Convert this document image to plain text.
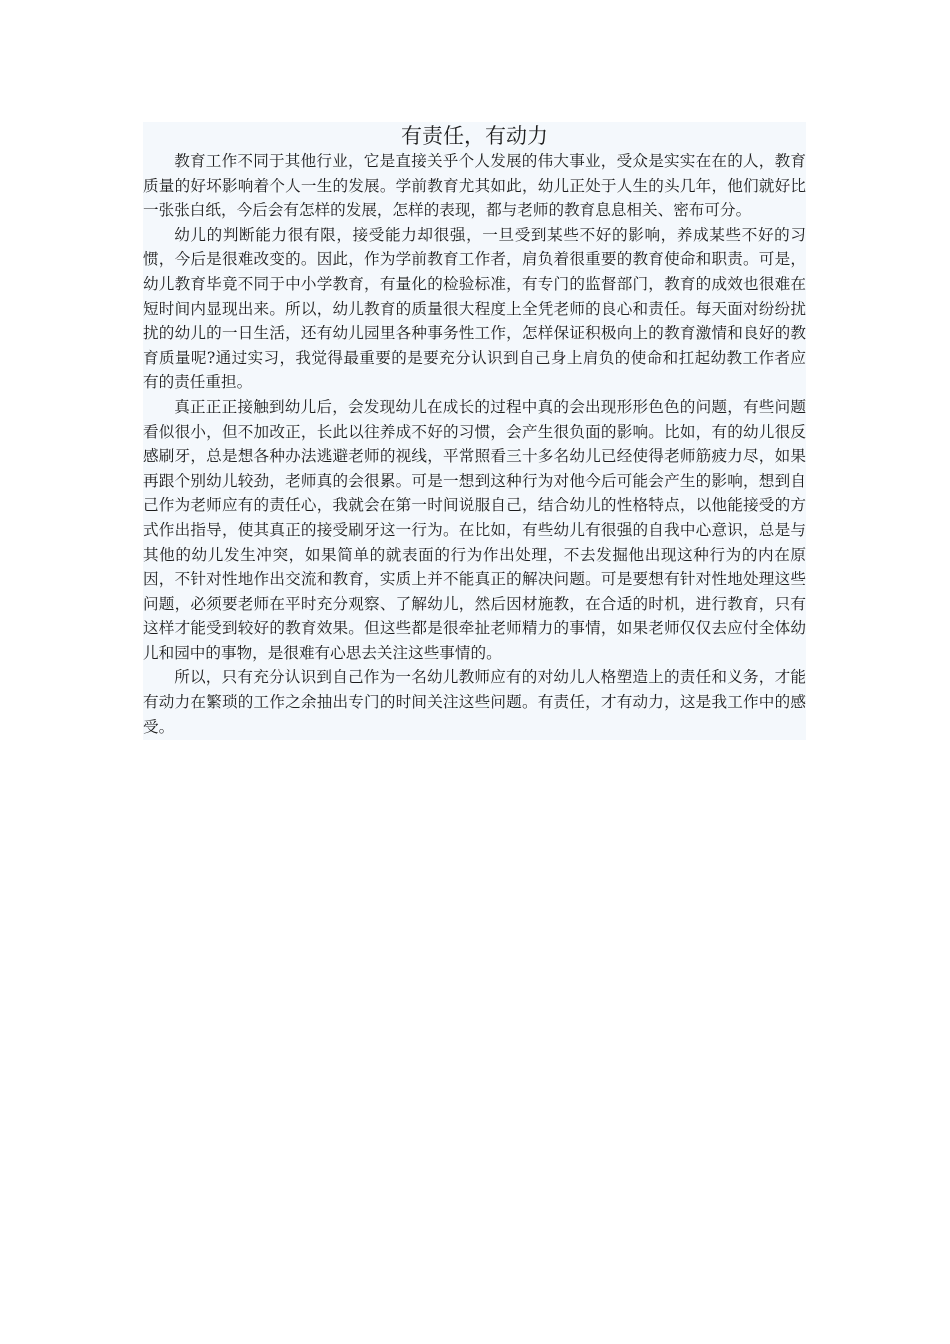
有责任，有动力

教育工作不同于其他行业，它是直接关乎个人发展的伟大事业，受众是实实在在的人，教育质量的好坏影响着个人一生的发展。学前教育尤其如此，幼儿正处于人生的头几年，他们就好比一张张白纸，今后会有怎样的发展，怎样的表现，都与老师的教育息息相关、密布可分。

幼儿的判断能力很有限，接受能力却很强，一旦受到某些不好的影响，养成某些不好的习惯，今后是很难改变的。因此，作为学前教育工作者，肩负着很重要的教育使命和职责。可是，幼儿教育毕竟不同于中小学教育，有量化的检验标准，有专门的监督部门，教育的成效也很难在短时间内显现出来。所以，幼儿教育的质量很大程度上全凭老师的良心和责任。每天面对纷纷扰扰的幼儿的一日生活，还有幼儿园里各种事务性工作，怎样保证积极向上的教育激情和良好的教育质量呢?通过实习，我觉得最重要的是要充分认识到自己身上肩负的使命和扛起幼教工作者应有的责任重担。

真正正正接触到幼儿后，会发现幼儿在成长的过程中真的会出现形形色色的问题，有些问题看似很小，但不加改正，长此以往养成不好的习惯，会产生很负面的影响。比如，有的幼儿很反感刷牙，总是想各种办法逃避老师的视线，平常照看三十多名幼儿已经使得老师筋疲力尽，如果再跟个别幼儿较劲，老师真的会很累。可是一想到这种行为对他今后可能会产生的影响，想到自己作为老师应有的责任心，我就会在第一时间说服自己，结合幼儿的性格特点，以他能接受的方式作出指导，使其真正的接受刷牙这一行为。在比如，有些幼儿有很强的自我中心意识，总是与其他的幼儿发生冲突，如果简单的就表面的行为作出处理，不去发掘他出现这种行为的内在原因，不针对性地作出交流和教育，实质上并不能真正的解决问题。可是要想有针对性地处理这些问题，必须要老师在平时充分观察、了解幼儿，然后因材施教，在合适的时机，进行教育，只有这样才能受到较好的教育效果。但这些都是很牵扯老师精力的事情，如果老师仅仅去应付全体幼儿和园中的事物，是很难有心思去关注这些事情的。

所以，只有充分认识到自己作为一名幼儿教师应有的对幼儿人格塑造上的责任和义务，才能有动力在繁琐的工作之余抽出专门的时间关注这些问题。有责任，才有动力，这是我工作中的感受。
